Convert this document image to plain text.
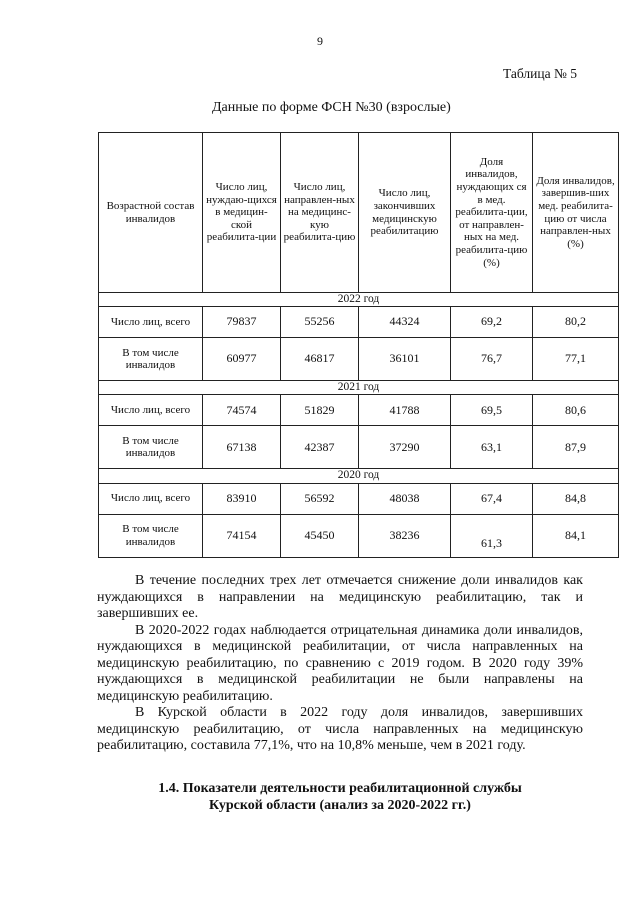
9
Таблица № 5
Данные по форме ФСН №30 (взрослые)
Возрастной состав инвалидов	Число лиц, нуждаю-щихся в медицин-ской реабилита-ции	Число лиц, направлен-ных на медицинс-кую реабилита-цию	Число лиц, закончивших медицинскую реабилитацию	Доля инвалидов, нуждающих ся в мед. реабилита-ции, от направлен-ных на мед. реабилита-цию (%)	Доля инвалидов, завершив-ших мед. реабилита-цию от числа направлен-ных (%)
2022 год					
Число лиц, всего	79837	55256	44324	69,2	80,2
В том числе инвалидов	60977	46817	36101	76,7	77,1
2021 год					
Число лиц, всего	74574	51829	41788	69,5	80,6
В том числе инвалидов	67138	42387	37290	63,1	87,9
2020 год					
Число лиц, всего	83910	56592	48038	67,4	84,8
В том числе инвалидов	74154	45450	38236	61,3	84,1

В течение последних трех лет отмечается снижение доли инвалидов как нуждающихся в направлении на медицинскую реабилитацию, так и завершивших ее.

В 2020-2022 годах наблюдается отрицательная динамика доли инвалидов, нуждающихся в медицинской реабилитации, от числа направленных на медицинскую реабилитацию, по сравнению с 2019 годом. В 2020 году 39% нуждающихся в медицинской реабилитации не были направлены на медицинскую реабилитацию.

В Курской области в 2022 году доля инвалидов, завершивших медицинскую реабилитацию, от числа направленных на медицинскую реабилитацию, составила 77,1%, что на 10,8% меньше, чем в 2021 году.

1.4. Показатели деятельности реабилитационной службы
Курской области (анализ за 2020-2022 гг.)
